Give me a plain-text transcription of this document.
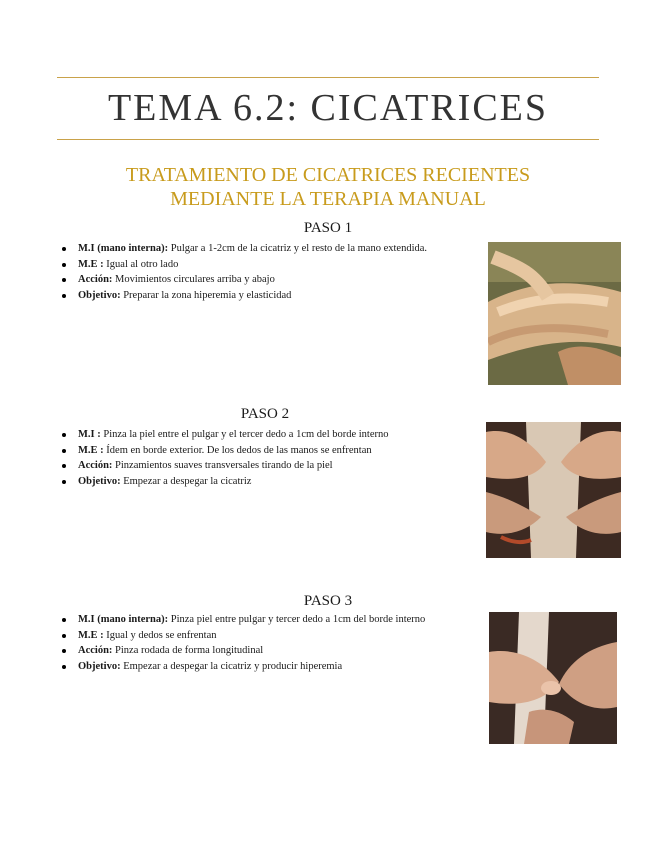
TEMA 6.2: CICATRICES
TRATAMIENTO DE CICATRICES RECIENTES
MEDIANTE LA TERAPIA MANUAL
PASO 1
M.I (mano interna): Pulgar a 1-2cm de la cicatriz y el resto de la mano extendida.
M.E : Igual al otro lado
Acción: Movimientos circulares arriba y abajo
Objetivo: Preparar la zona hiperemia y elasticidad
PASO 2
M.I : Pinza la piel entre el pulgar y el tercer dedo a 1cm del borde interno
M.E : Ídem en borde exterior. De los dedos de las manos se enfrentan
Acción: Pinzamientos suaves transversales tirando de la piel
Objetivo: Empezar a despegar la cicatriz
PASO 3
M.I (mano interna): Pinza piel entre pulgar y tercer dedo a 1cm del borde interno
M.E : Igual y dedos se enfrentan
Acción: Pinza rodada de forma longitudinal
Objetivo: Empezar a despegar la cicatriz y producir hiperemia
